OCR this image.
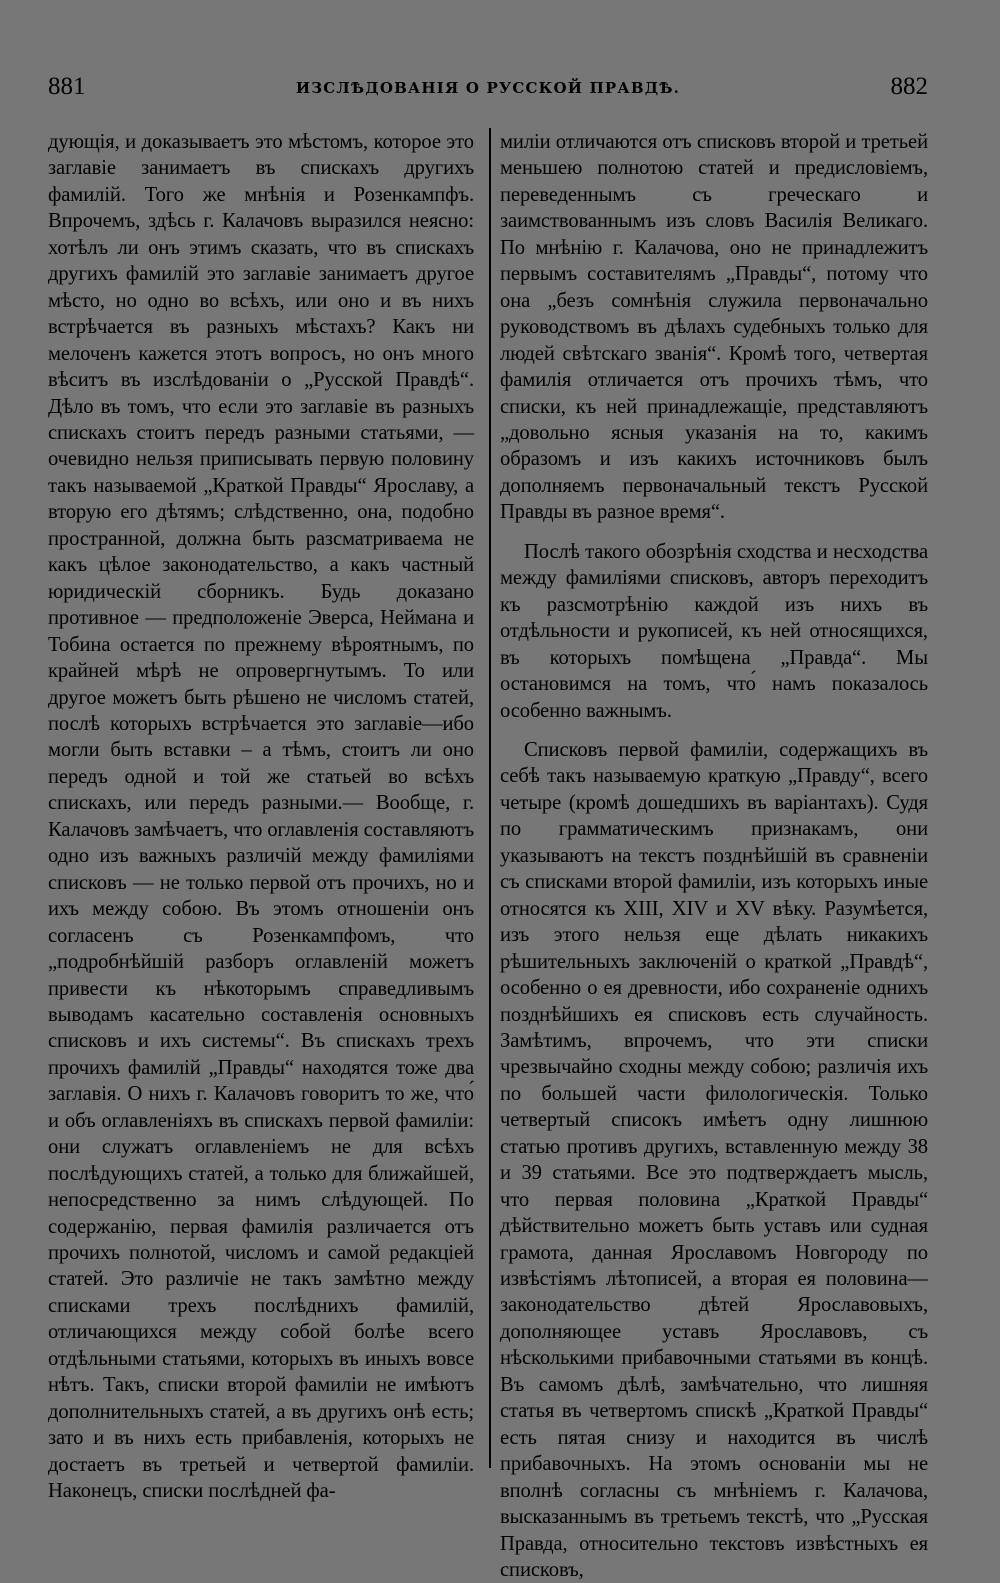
881	ИЗСЛѢДОВАНІЯ О РУССКОЙ ПРАВДѢ.	882

дующія, и доказываетъ это мѣстомъ, которое это заглавіе занимаетъ въ спискахъ другихъ фамилій. Того же мнѣнія и Розенкампфъ. Впрочемъ, здѣсь г. Калачовъ выразился неясно: хотѣлъ ли онъ этимъ сказать, что въ спискахъ другихъ фамилій это заглавіе занимаетъ другое мѣсто, но одно во всѣхъ, или оно и въ нихъ встрѣчается въ разныхъ мѣстахъ? Какъ ни мелоченъ кажется этотъ вопросъ, но онъ много вѣситъ въ изслѣдованіи о „Русской Правдѣ“. Дѣло въ томъ, что если это заглавіе въ разныхъ спискахъ стоитъ передъ разными статьями, — очевидно нельзя приписывать первую половину такъ называемой „Краткой Правды“ Ярославу, а вторую его дѣтямъ; слѣдственно, она, подобно пространной, должна быть разсматриваема не какъ цѣлое законодательство, а какъ частный юридическій сборникъ. Будь доказано противное — предположеніе Эверса, Неймана и Тобина остается по прежнему вѣроятнымъ, по крайней мѣрѣ не опровергнутымъ. То или другое можетъ быть рѣшено не числомъ статей, послѣ которыхъ встрѣчается это заглавіе—ибо могли быть вставки – а тѣмъ, стоитъ ли оно передъ одной и той же статьей во всѣхъ спискахъ, или передъ разными.— Вообще, г. Калачовъ замѣчаетъ, что оглавленія составляютъ одно изъ важныхъ различій между фамиліями списковъ — не только первой отъ прочихъ, но и ихъ между собою. Въ этомъ отношеніи онъ согласенъ съ Розенкампфомъ, что „подробнѣйшій разборъ оглавленій можетъ привести къ нѣкоторымъ справедливымъ выводамъ касательно составленія основныхъ списковъ и ихъ системы“. Въ спискахъ трехъ прочихъ фамилій „Правды“ находятся тоже два заглавія. О нихъ г. Калачовъ говоритъ то же, что́ и объ оглавленіяхъ въ спискахъ первой фамиліи: они служатъ оглавленіемъ не для всѣхъ послѣдующихъ статей, а только для ближайшей, непосредственно за нимъ слѣдующей. По содержанію, первая фамилія различается отъ прочихъ полнотой, числомъ и самой редакціей статей. Это различіе не такъ замѣтно между списками трехъ послѣднихъ фамилій, отличающихся между собой болѣе всего отдѣльными статьями, которыхъ въ иныхъ вовсе нѣтъ. Такъ, списки второй фамиліи не имѣютъ дополнительныхъ статей, а въ другихъ онѣ есть; зато и въ нихъ есть прибавленія, которыхъ не достаетъ въ третьей и четвертой фамиліи. Наконецъ, списки послѣдней фа-

миліи отличаются отъ списковъ второй и третьей меньшею полнотою статей и предисловіемъ, переведеннымъ съ греческаго и заимствованнымъ изъ словъ Василія Великаго. По мнѣнію г. Калачова, оно не принадлежитъ первымъ составителямъ „Правды“, потому что она „безъ сомнѣнія служила первоначально руководствомъ въ дѣлахъ судебныхъ только для людей свѣтскаго званія“. Кромѣ того, четвертая фамилія отличается отъ прочихъ тѣмъ, что списки, къ ней принадлежащіе, представляютъ „довольно ясныя указанія на то, какимъ образомъ и изъ какихъ источниковъ былъ дополняемъ первоначальный текстъ Русской Правды въ разное время“.

Послѣ такого обозрѣнія сходства и несходства между фамиліями списковъ, авторъ переходитъ къ разсмотрѣнію каждой изъ нихъ въ отдѣльности и рукописей, къ ней относящихся, въ которыхъ помѣщена „Правда“. Мы остановимся на томъ, что́ намъ показалось особенно важнымъ.

Списковъ первой фамиліи, содержащихъ въ себѣ такъ называемую краткую „Правду“, всего четыре (кромѣ дошедшихъ въ варіантахъ). Судя по грамматическимъ признакамъ, они указываютъ на текстъ позднѣйшій въ сравненіи съ списками второй фамиліи, изъ которыхъ иные относятся къ XIII, XIV и XV вѣку. Разумѣется, изъ этого нельзя еще дѣлать никакихъ рѣшительныхъ заключеній о краткой „Правдѣ“, особенно о ея древности, ибо сохраненіе однихъ позднѣйшихъ ея списковъ есть случайность. Замѣтимъ, впрочемъ, что эти списки чрезвычайно сходны между собою; различія ихъ по большей части филологическія. Только четвертый списокъ имѣетъ одну лишнюю статью противъ другихъ, вставленную между 38 и 39 статьями. Все это подтверждаетъ мысль, что первая половина „Краткой Правды“ дѣйствительно можетъ быть уставъ или судная грамота, данная Ярославомъ Новгороду по извѣстіямъ лѣтописей, а вторая ея половина—законодательство дѣтей Ярославовыхъ, дополняющее уставъ Ярославовъ, съ нѣсколькими прибавочными статьями въ концѣ. Въ самомъ дѣлѣ, замѣчательно, что лишняя статья въ четвертомъ спискѣ „Краткой Правды“ есть пятая снизу и находится въ числѣ прибавочныхъ. На этомъ основаніи мы не вполнѣ согласны съ мнѣніемъ г. Калачова, высказаннымъ въ третьемъ текстѣ, что „Русская Правда, относительно текстовъ извѣстныхъ ея списковъ,
